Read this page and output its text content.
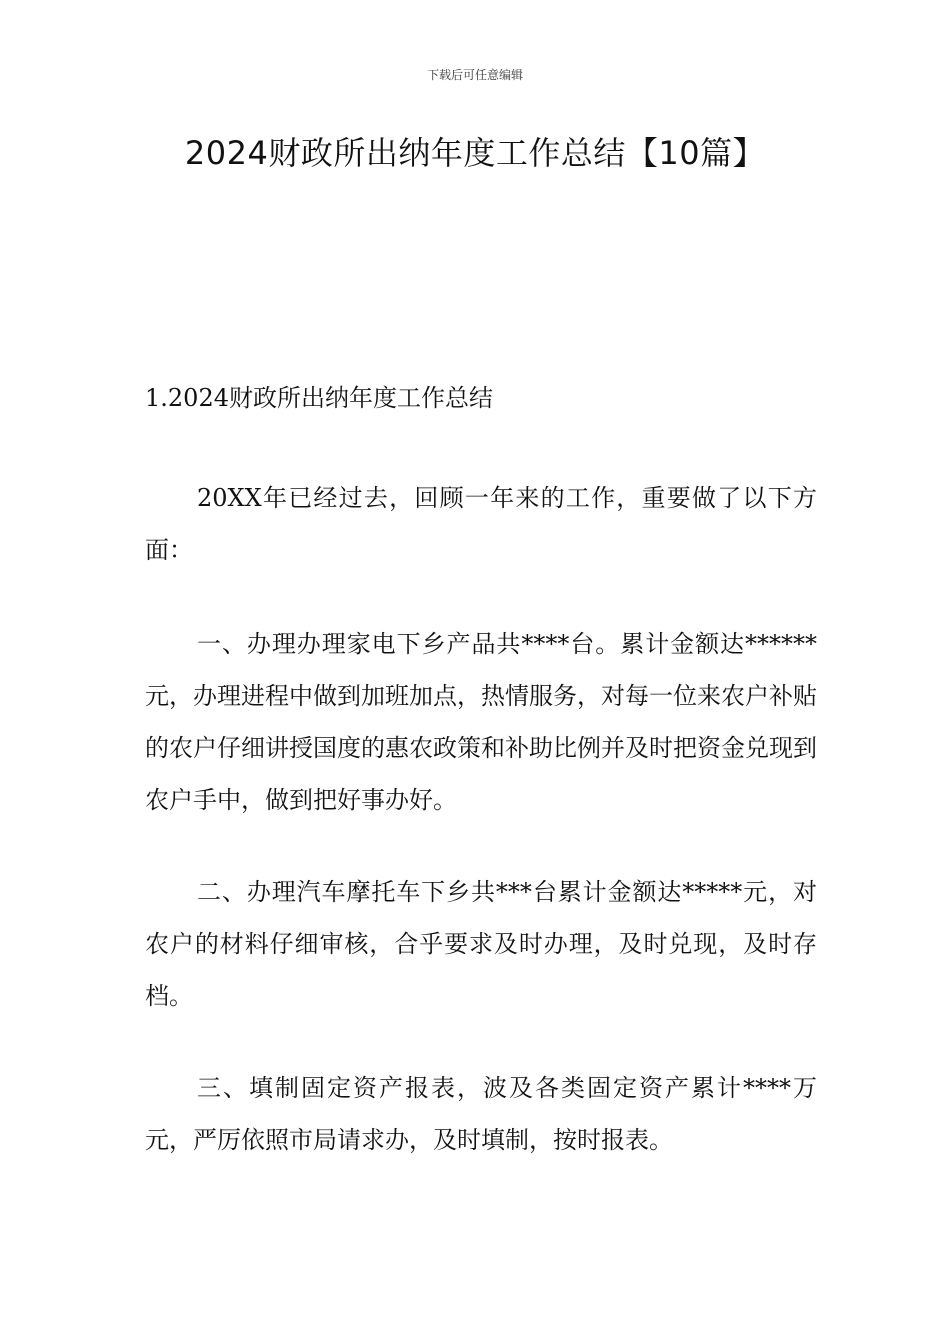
下载后可任意编辑
2024财政所出纳年度工作总结【10篇】
1.2024财政所出纳年度工作总结
20XX年已经过去，回顾一年来的工作，重要做了以下方面：
一、办理办理家电下乡产品共****台。累计金额达******元，办理进程中做到加班加点，热情服务，对每一位来农户补贴的农户仔细讲授国度的惠农政策和补助比例并及时把资金兑现到农户手中，做到把好事办好。
二、办理汽车摩托车下乡共***台累计金额达*****元，对农户的材料仔细审核，合乎要求及时办理，及时兑现，及时存档。
三、填制固定资产报表，波及各类固定资产累计****万元，严厉依照市局请求办，及时填制，按时报表。
